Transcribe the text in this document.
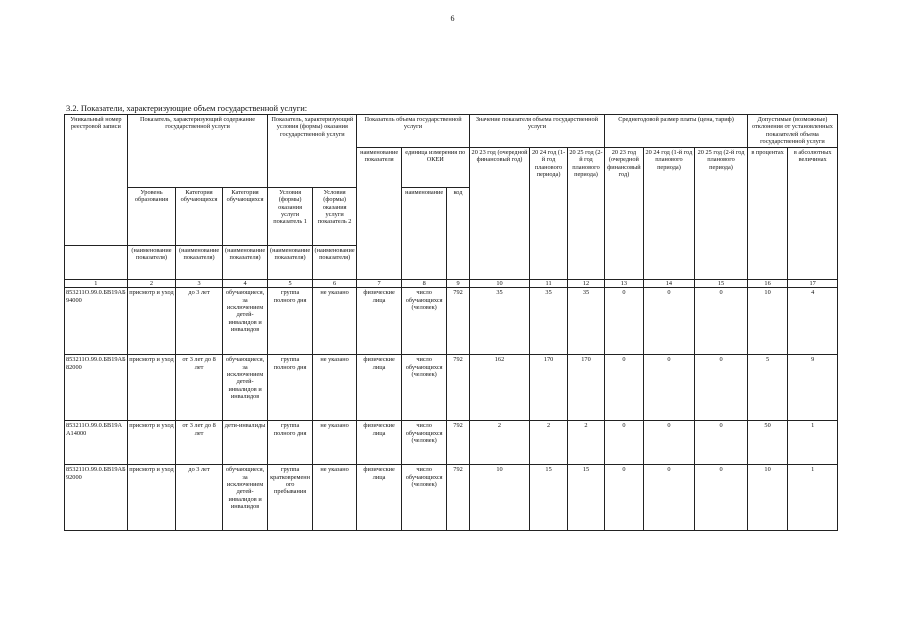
6
3.2. Показатели, характеризующие объем государственной услуги:
Уникальный номер реестровой записи	Показатель, характеризующий содержание государственной услуги			Показатель, характеризующий условия (формы) оказания государственной услуги		Показатель объема государственной услуги			Значение показателя объема государственной услуги			Среднегодовой размер платы (цена, тариф)			Допустимые (возможные) отклонения от установленных показателей объема государственной услуги	
						наименование показателя	единица измерения по ОКЕИ		20 23 год (очередной финансовый год)	20 24 год (1-й год планового периода)	20 25 год (2-й год планового периода)	20 23 год (очередной финансовый год)	20 24 год (1-й год планового периода)	20 25 год (2-й год планового периода)	в процентах	в абсолютных величинах
	Уровень образования	Категория обучающихся	Категория обучающихся	Условия (формы) оказания услуги показатель 1	Условия (формы) оказания услуги показатель 2		наименование	код								
	(наименование показателя)	(наименование показателя)	(наименование показателя)	(наименование показателя)	(наименование показателя)											
1	2	3	4	5	6	7	8	9	10	11	12	13	14	15	16	17
853211О.99.0.БВ19АБ94000	присмотр и уход	до 3 лет	обучающиеся, за исключением детей-инвалидов и инвалидов	группа полного дня	не указано	физические лица	число обучающихся (человек)	792	35	35	35	0	0	0	10	4
853211О.99.0.БВ19АБ82000	присмотр и уход	от 3 лет до 8 лет	обучающиеся, за исключением детей-инвалидов и инвалидов	группа полного дня	не указано	физические лица	число обучающихся (человек)	792	162	170	170	0	0	0	5	9
853211О.99.0.БВ19АА14000	присмотр и уход	от 3 лет до 8 лет	дети-инвалиды	группа полного дня	не указано	физические лица	число обучающихся (человек)	792	2	2	2	0	0	0	50	1
853211О.99.0.БВ19АБ92000	присмотр и уход	до 3 лет	обучающиеся, за исключением детей-инвалидов и инвалидов	группа кратковременного пребывания	не указано	физические лица	число обучающихся (человек)	792	10	15	15	0	0	0	10	1
